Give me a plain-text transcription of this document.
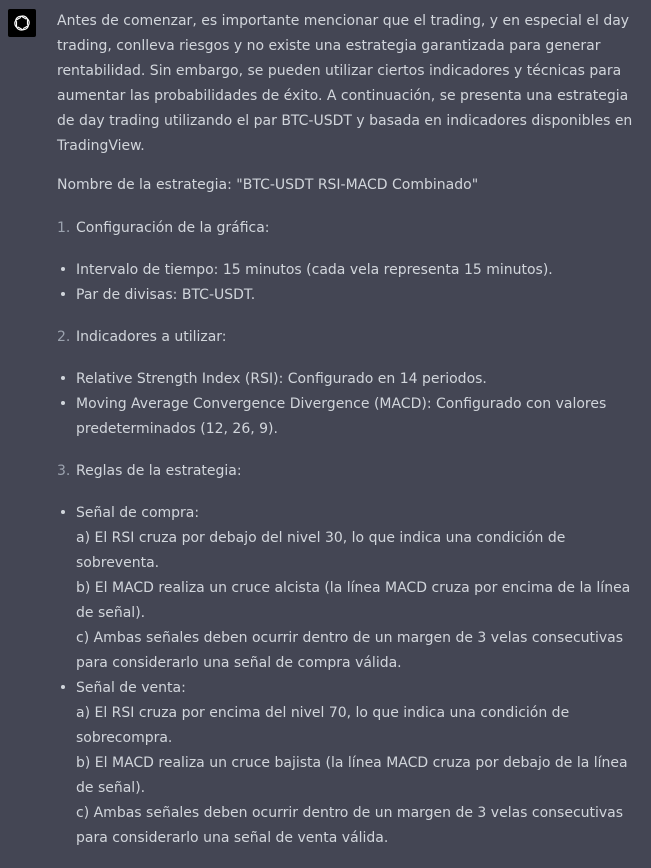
Antes de comenzar, es importante mencionar que el trading, y en especial el day trading, conlleva riesgos y no existe una estrategia garantizada para generar rentabilidad. Sin embargo, se pueden utilizar ciertos indicadores y técnicas para aumentar las probabilidades de éxito. A continuación, se presenta una estrategia de day trading utilizando el par BTC-USDT y basada en indicadores disponibles en TradingView.

Nombre de la estrategia: "BTC-USDT RSI-MACD Combinado"

1. Configuración de la gráfica:
Intervalo de tiempo: 15 minutos (cada vela representa 15 minutos).
Par de divisas: BTC-USDT.
2. Indicadores a utilizar:
Relative Strength Index (RSI): Configurado en 14 periodos.
Moving Average Convergence Divergence (MACD): Configurado con valores predeterminados (12, 26, 9).
3. Reglas de la estrategia:
Señal de compra:
a) El RSI cruza por debajo del nivel 30, lo que indica una condición de sobreventa.
b) El MACD realiza un cruce alcista (la línea MACD cruza por encima de la línea de señal).
c) Ambas señales deben ocurrir dentro de un margen de 3 velas consecutivas para considerarlo una señal de compra válida.
Señal de venta:
a) El RSI cruza por encima del nivel 70, lo que indica una condición de sobrecompra.
b) El MACD realiza un cruce bajista (la línea MACD cruza por debajo de la línea de señal).
c) Ambas señales deben ocurrir dentro de un margen de 3 velas consecutivas para considerarlo una señal de venta válida.
